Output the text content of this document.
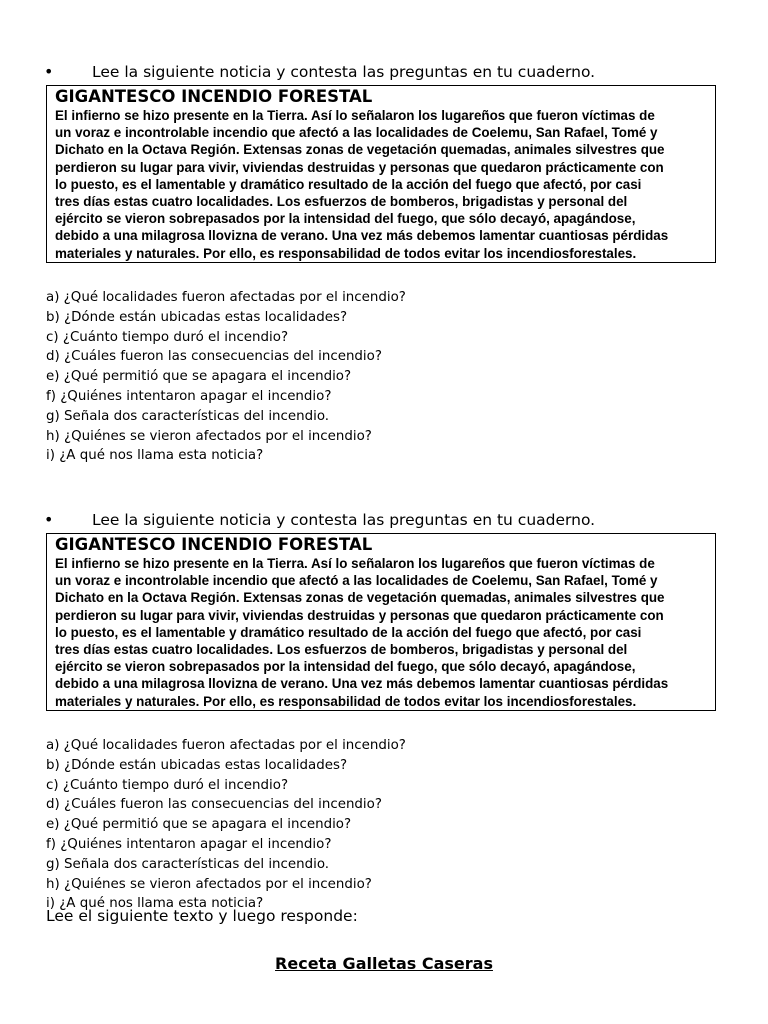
• Lee la siguiente noticia y contesta las preguntas en tu cuaderno.
GIGANTESCO INCENDIO FORESTAL
El infierno se hizo presente en la Tierra. Así lo señalaron los lugareños que fueron víctimas de
un voraz e incontrolable incendio que afectó a las localidades de Coelemu, San Rafael, Tomé y
Dichato en la Octava Región. Extensas zonas de vegetación quemadas, animales silvestres que
perdieron su lugar para vivir, viviendas destruidas y personas que quedaron prácticamente con
lo puesto, es el lamentable y dramático resultado de la acción del fuego que afectó, por casi
tres días estas cuatro localidades. Los esfuerzos de bomberos, brigadistas y personal del
ejército se vieron sobrepasados por la intensidad del fuego, que sólo decayó, apagándose,
debido a una milagrosa llovizna de verano. Una vez más debemos lamentar cuantiosas pérdidas
materiales y naturales. Por ello, es responsabilidad de todos evitar los incendiosforestales.
a) ¿Qué localidades fueron afectadas por el incendio?
b) ¿Dónde están ubicadas estas localidades?
c) ¿Cuánto tiempo duró el incendio?
d) ¿Cuáles fueron las consecuencias del incendio?
e) ¿Qué permitió que se apagara el incendio?
f) ¿Quiénes intentaron apagar el incendio?
g) Señala dos características del incendio.
h) ¿Quiénes se vieron afectados por el incendio?
i) ¿A qué nos llama esta noticia?
• Lee la siguiente noticia y contesta las preguntas en tu cuaderno.
GIGANTESCO INCENDIO FORESTAL
El infierno se hizo presente en la Tierra. Así lo señalaron los lugareños que fueron víctimas de
un voraz e incontrolable incendio que afectó a las localidades de Coelemu, San Rafael, Tomé y
Dichato en la Octava Región. Extensas zonas de vegetación quemadas, animales silvestres que
perdieron su lugar para vivir, viviendas destruidas y personas que quedaron prácticamente con
lo puesto, es el lamentable y dramático resultado de la acción del fuego que afectó, por casi
tres días estas cuatro localidades. Los esfuerzos de bomberos, brigadistas y personal del
ejército se vieron sobrepasados por la intensidad del fuego, que sólo decayó, apagándose,
debido a una milagrosa llovizna de verano. Una vez más debemos lamentar cuantiosas pérdidas
materiales y naturales. Por ello, es responsabilidad de todos evitar los incendiosforestales.
a) ¿Qué localidades fueron afectadas por el incendio?
b) ¿Dónde están ubicadas estas localidades?
c) ¿Cuánto tiempo duró el incendio?
d) ¿Cuáles fueron las consecuencias del incendio?
e) ¿Qué permitió que se apagara el incendio?
f) ¿Quiénes intentaron apagar el incendio?
g) Señala dos características del incendio.
h) ¿Quiénes se vieron afectados por el incendio?
i) ¿A qué nos llama esta noticia?
Lee el siguiente texto y luego responde:
Receta Galletas Caseras
